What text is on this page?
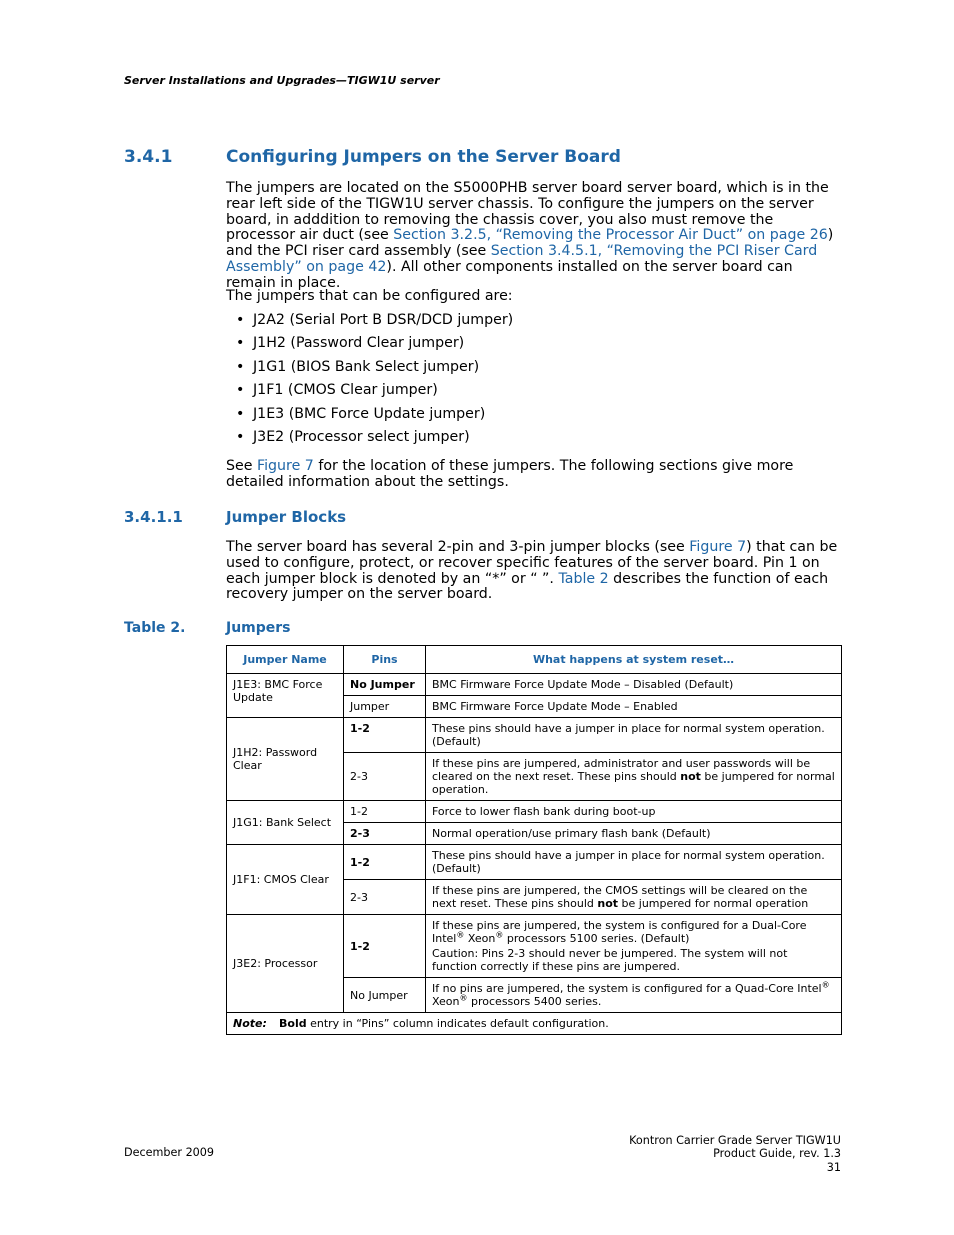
Server Installations and Upgrades—TIGW1U server
3.4.1	Configuring Jumpers on the Server Board
The jumpers are located on the S5000PHB server board server board, which is in the rear left side of the TIGW1U server chassis. To configure the jumpers on the server board, in adddition to removing the chassis cover, you also must remove the processor air duct (see Section 3.2.5, “Removing the Processor Air Duct” on page 26) and the PCI riser card assembly (see Section 3.4.5.1, “Removing the PCI Riser Card Assembly” on page 42). All other components installed on the server board can remain in place.
The jumpers that can be configured are:
• J2A2 (Serial Port B DSR/DCD jumper)
• J1H2 (Password Clear jumper)
• J1G1 (BIOS Bank Select jumper)
• J1F1 (CMOS Clear jumper)
• J1E3 (BMC Force Update jumper)
• J3E2 (Processor select jumper)
See Figure 7 for the location of these jumpers. The following sections give more detailed information about the settings.
3.4.1.1	Jumper Blocks
The server board has several 2-pin and 3-pin jumper blocks (see Figure 7) that can be used to configure, protect, or recover specific features of the server board. Pin 1 on each jumper block is denoted by an “*” or “ ”. Table 2 describes the function of each recovery jumper on the server board.
Table 2.	Jumpers
Jumper Name	Pins	What happens at system reset…
J1E3: BMC Force Update	No Jumper	BMC Firmware Force Update Mode – Disabled (Default)
	Jumper	BMC Firmware Force Update Mode – Enabled
J1H2: Password Clear	1-2	These pins should have a jumper in place for normal system operation. (Default)
	2-3	If these pins are jumpered, administrator and user passwords will be cleared on the next reset. These pins should not be jumpered for normal operation.
J1G1: Bank Select	1-2	Force to lower flash bank during boot-up
	2-3	Normal operation/use primary flash bank (Default)
J1F1: CMOS Clear	1-2	These pins should have a jumper in place for normal system operation. (Default)
	2-3	If these pins are jumpered, the CMOS settings will be cleared on the next reset. These pins should not be jumpered for normal operation
J3E2: Processor	1-2	If these pins are jumpered, the system is configured for a Dual-Core Intel® Xeon® processors 5100 series. (Default)
Caution: Pins 2-3 should never be jumpered. The system will not function correctly if these pins are jumpered.

	No Jumper	If no pins are jumpered, the system is configured for a Quad-Core Intel®
Xeon® processors 5400 series.
Note: Bold entry in “Pins” column indicates default configuration.		
December 2009
Kontron Carrier Grade Server TIGW1U
Product Guide, rev. 1.3
31
